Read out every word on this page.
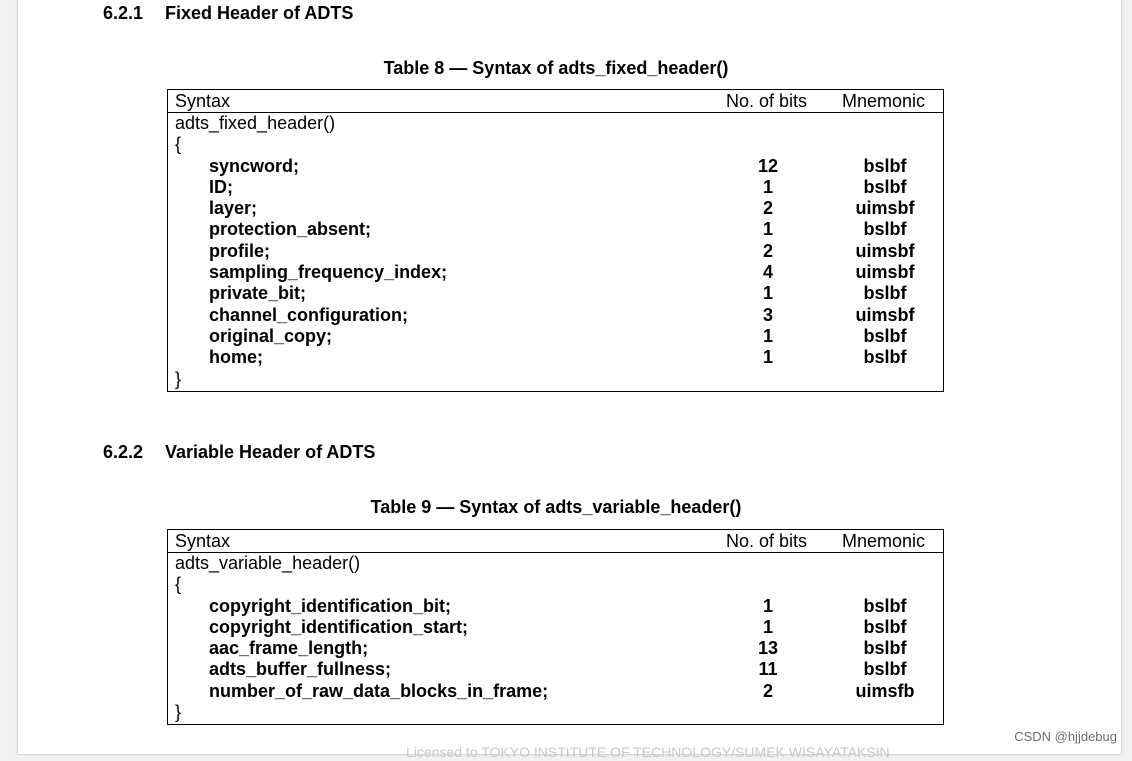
6.2.1 Fixed Header of ADTS
Table 8 — Syntax of adts_fixed_header()
Syntax	No. of bits Mnemonic
adts_fixed_header()
{
syncword;	12	bslbf
ID;	1	bslbf
layer;	2	uimsbf
protection_absent;	1	bslbf
profile;	2	uimsbf
sampling_frequency_index;	4	uimsbf
private_bit;	1	bslbf
channel_configuration;	3	uimsbf
original_copy;	1	bslbf
home;	1	bslbf
}
6.2.2 Variable Header of ADTS
Table 9 — Syntax of adts_variable_header()
Syntax	No. of bits Mnemonic
adts_variable_header()
{
copyright_identification_bit;	1	bslbf
copyright_identification_start;	1	bslbf
aac_frame_length;	13	bslbf
adts_buffer_fullness;	11	bslbf
number_of_raw_data_blocks_in_frame;	2	uimsfb
}
Licensed to TOKYO INSTITUTE OF TECHNOLOGY/SUMEK WISAYATAKSIN
CSDN @hjjdebug
